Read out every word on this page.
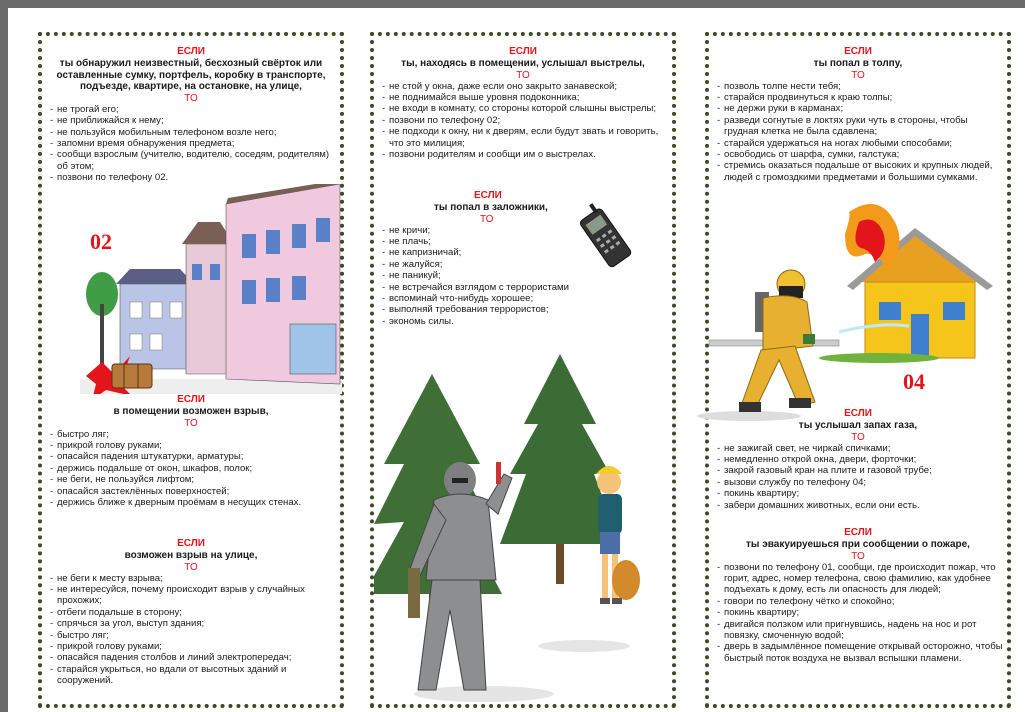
ЕСЛИ
ты обнаружил неизвестный, бесхозный свёрток или оставленные сумку, портфель, коробку в транспорте, подъезде, квартире, на остановке, на улице,
ТО
- не трогай его;
- не приближайся к нему;
- не пользуйся мобильным телефоном возле него;
- запомни время обнаружения предмета;
- сообщи взрослым (учителю, водителю, соседям, родителям) об этом;
- позвони по телефону 02.
02
ЕСЛИ
в помещении возможен взрыв,
ТО
- быстро ляг;
- прикрой голову руками;
- опасайся падения штукатурки, арматуры;
- держись подальше от окон, шкафов, полок;
- не беги, не пользуйся лифтом;
- опасайся застеклённых поверхностей;
- держись ближе к дверным проёмам в несущих стенах.
ЕСЛИ
возможен взрыв на улице,
ТО
- не беги к месту взрыва;
- не интересуйся, почему происходит взрыв у случайных прохожих;
- отбеги подальше в сторону;
- спрячься за угол, выступ здания;
- быстро ляг;
- прикрой голову руками;
- опасайся падения столбов и линий электропередач;
- старайся укрыться, но вдали от высотных зданий и сооружений.
ЕСЛИ
ты, находясь в помещении, услышал выстрелы,
ТО
- не стой у окна, даже если оно закрыто занавеской;
- не поднимайся выше уровня подоконника;
- не входи в комнату, со стороны которой слышны выстрелы;
- позвони по телефону 02;
- не подходи к окну, ни к дверям, если будут звать и говорить, что это милиция;
- позвони родителям и сообщи им о выстрелах.
ЕСЛИ
ты попал в заложники,
ТО
- не кричи;
- не плачь;
- не капризничай;
- не жалуйся;
- не паникуй;
- не встречайся взглядом с террористами
- вспоминай что-нибудь хорошее;
- выполняй требования террористов;
- экономь силы.
ЕСЛИ
ты попал в толпу,
ТО
- позволь толпе нести тебя;
- старайся продвинуться к краю толпы;
- не держи руки в карманах;
- разведи согнутые в локтях руки чуть в стороны, чтобы грудная клетка не была сдавлена;
- старайся удержаться на ногах любыми способами;
- освободись от шарфа, сумки, галстука;
- стремись оказаться подальше от высоких и крупных людей, людей с громоздкими предметами и большими сумками.
04
ЕСЛИ
ты услышал запах газа,
ТО
- не зажигай свет, не чиркай спичками;
- немедленно открой окна, двери, форточки;
- закрой газовый кран на плите и газовой трубе;
- вызови службу по телефону 04;
- покинь квартиру;
- забери домашних животных, если они есть.
ЕСЛИ
ты эвакуируешься при сообщении о пожаре,
ТО
- позвони по телефону 01, сообщи, где происходит пожар, что горит, адрес, номер телефона, свою фамилию, как удобнее подъехать к дому, есть ли опасность для людей;
- говори по телефону чётко и спокойно;
- покинь квартиру;
- двигайся ползком или пригнувшись, надень на нос и рот повязку, смоченную водой;
- дверь в задымлённое помещение открывай осторожно, чтобы быстрый поток воздуха не вызвал вспышки пламени.
